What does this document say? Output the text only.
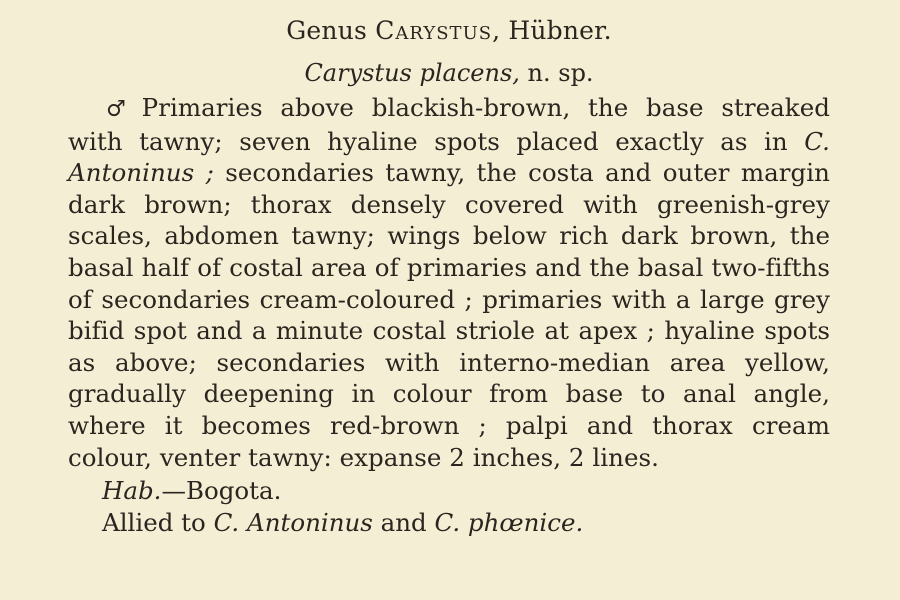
Genus Carystus, Hübner.
Carystus placens, n. sp.

♂ Primaries above blackish-brown, the base streaked with tawny; seven hyaline spots placed exactly as in C. Antoninus ; secondaries tawny, the costa and outer margin dark brown; thorax densely covered with greenish-grey scales, abdomen tawny; wings below rich dark brown, the basal half of costal area of primaries and the basal two-fifths of secondaries cream-coloured ; primaries with a large grey bifid spot and a minute costal striole at apex ; hyaline spots as above; secondaries with interno-median area yellow, gradually deepening in colour from base to anal angle, where it becomes red-brown ; palpi and thorax cream colour, venter tawny: expanse 2 inches, 2 lines.

Hab.—Bogota.
Allied to C. Antoninus and C. phœnice.
